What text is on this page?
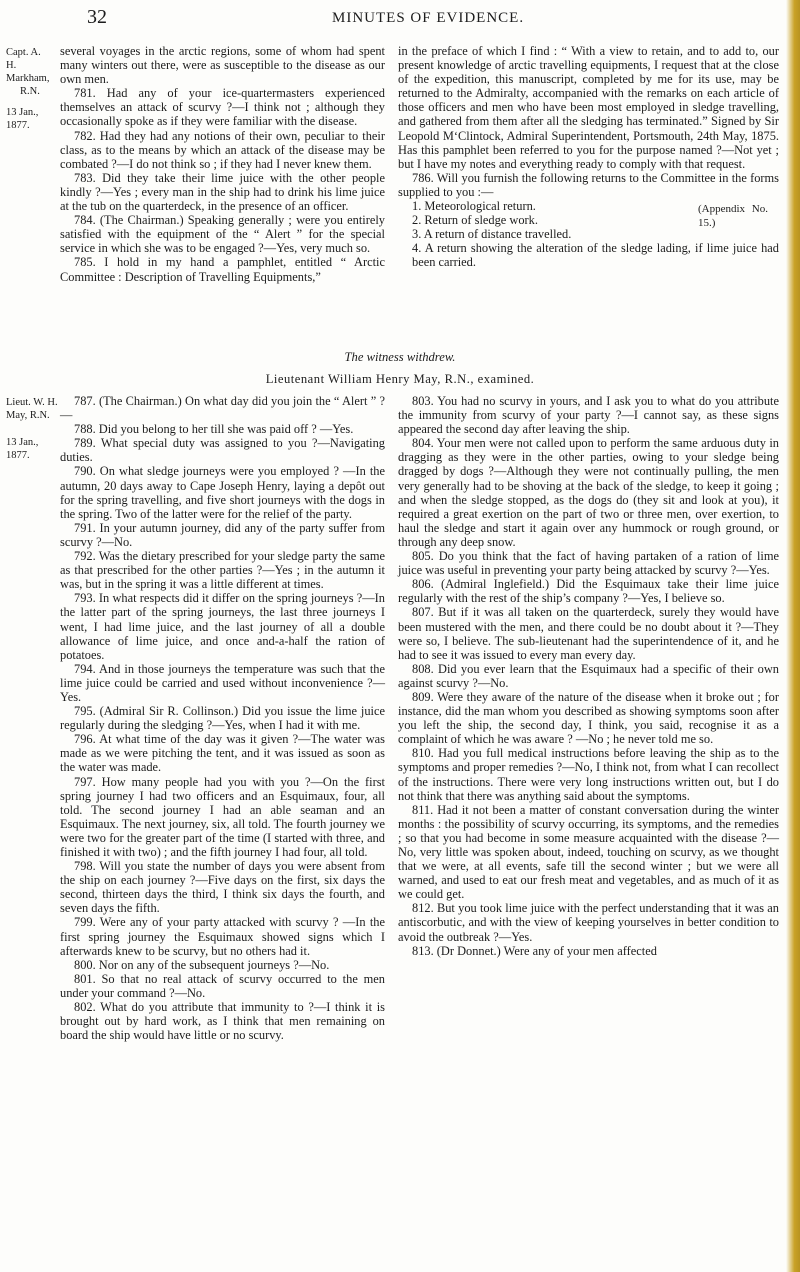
32	MINUTES OF EVIDENCE.
Capt. A.
H. Markham,
R.N.
13 Jan., 1877.

several voyages in the arctic regions, some of whom had spent many winters out there, were as susceptible to the disease as our own men.

781. Had any of your ice-quartermasters experienced themselves an attack of scurvy ?—I think not ; although they occasionally spoke as if they were familiar with the disease.

782. Had they had any notions of their own, peculiar to their class, as to the means by which an attack of the disease may be combated ?—I do not think so ; if they had I never knew them.

783. Did they take their lime juice with the other people kindly ?—Yes ; every man in the ship had to drink his lime juice at the tub on the quarterdeck, in the presence of an officer.

784. (The Chairman.) Speaking generally ; were you entirely satisfied with the equipment of the “ Alert ” for the special service in which she was to be engaged ?—Yes, very much so.

785. I hold in my hand a pamphlet, entitled “ Arctic Committee : Description of Travelling Equipments,”

in the preface of which I find : “ With a view to retain, and to add to, our present knowledge of arctic travelling equipments, I request that at the close of the expedition, this manuscript, completed by me for its use, may be returned to the Admiralty, accompanied with the remarks on each article of those officers and men who have been most employed in sledge travelling, and gathered from them after all the sledging has terminated.” Signed by Sir Leopold M‘Clintock, Admiral Superintendent, Portsmouth, 24th May, 1875. Has this pamphlet been referred to you for the purpose named ?—Not yet ; but I have my notes and everything ready to comply with that request.

786. Will you furnish the following returns to the Committee in the forms supplied to you :—

1. Meteorological return.
2. Return of sledge work.
3. A return of distance travelled.
4. A return showing the alteration of the sledge lading, if lime juice had been carried.
(Appendix No. 15.)
The witness withdrew.
Lieutenant William Henry May, R.N., examined.
Lieut. W. H.
May, R.N.
13 Jan., 1877.

787. (The Chairman.) On what day did you join the “ Alert ” ?—

788. Did you belong to her till she was paid off ? —Yes.

789. What special duty was assigned to you ?—Navigating duties.

790. On what sledge journeys were you employed ? —In the autumn, 20 days away to Cape Joseph Henry, laying a depôt out for the spring travelling, and five short journeys with the dogs in the spring. Two of the latter were for the relief of the party.

791. In your autumn journey, did any of the party suffer from scurvy ?—No.

792. Was the dietary prescribed for your sledge party the same as that prescribed for the other parties ?—Yes ; in the autumn it was, but in the spring it was a little different at times.

793. In what respects did it differ on the spring journeys ?—In the latter part of the spring journeys, the last three journeys I went, I had lime juice, and the last journey of all a double allowance of lime juice, and once and-a-half the ration of potatoes.

794. And in those journeys the temperature was such that the lime juice could be carried and used without inconvenience ?—Yes.

795. (Admiral Sir R. Collinson.) Did you issue the lime juice regularly during the sledging ?—Yes, when I had it with me.

796. At what time of the day was it given ?—The water was made as we were pitching the tent, and it was issued as soon as the water was made.

797. How many people had you with you ?—On the first spring journey I had two officers and an Esquimaux, four, all told. The second journey I had an able seaman and an Esquimaux. The next journey, six, all told. The fourth journey we were two for the greater part of the time (I started with three, and finished it with two) ; and the fifth journey I had four, all told.

798. Will you state the number of days you were absent from the ship on each journey ?—Five days on the first, six days the second, thirteen days the third, I think six days the fourth, and seven days the fifth.

799. Were any of your party attacked with scurvy ? —In the first spring journey the Esquimaux showed signs which I afterwards knew to be scurvy, but no others had it.

800. Nor on any of the subsequent journeys ?—No.

801. So that no real attack of scurvy occurred to the men under your command ?—No.

802. What do you attribute that immunity to ?—I think it is brought out by hard work, as I think that men remaining on board the ship would have little or no scurvy.

803. You had no scurvy in yours, and I ask you to what do you attribute the immunity from scurvy of your party ?—I cannot say, as these signs appeared the second day after leaving the ship.

804. Your men were not called upon to perform the same arduous duty in dragging as they were in the other parties, owing to your sledge being dragged by dogs ?—Although they were not continually pulling, the men very generally had to be shoving at the back of the sledge, to keep it going ; and when the sledge stopped, as the dogs do (they sit and look at you), it required a great exertion on the part of two or three men, over exertion, to haul the sledge and start it again over any hummock or rough ground, or through any deep snow.

805. Do you think that the fact of having partaken of a ration of lime juice was useful in preventing your party being attacked by scurvy ?—Yes.

806. (Admiral Inglefield.) Did the Esquimaux take their lime juice regularly with the rest of the ship’s company ?—Yes, I believe so.

807. But if it was all taken on the quarterdeck, surely they would have been mustered with the men, and there could be no doubt about it ?—They were so, I believe. The sub-lieutenant had the superintendence of it, and he had to see it was issued to every man every day.

808. Did you ever learn that the Esquimaux had a specific of their own against scurvy ?—No.

809. Were they aware of the nature of the disease when it broke out ; for instance, did the man whom you described as showing symptoms soon after you left the ship, the second day, I think, you said, recognise it as a complaint of which he was aware ? —No ; he never told me so.

810. Had you full medical instructions before leaving the ship as to the symptoms and proper remedies ?—No, I think not, from what I can recollect of the instructions. There were very long instructions written out, but I do not think that there was anything said about the symptoms.

811. Had it not been a matter of constant conversation during the winter months : the possibility of scurvy occurring, its symptoms, and the remedies ; so that you had become in some measure acquainted with the disease ?—No, very little was spoken about, indeed, touching on scurvy, as we thought that we were, at all events, safe till the second winter ; but we were all warned, and used to eat our fresh meat and vegetables, and as much of it as we could get.

812. But you took lime juice with the perfect understanding that it was an antiscorbutic, and with the view of keeping yourselves in better condition to avoid the outbreak ?—Yes.

813. (Dr Donnet.) Were any of your men affected
